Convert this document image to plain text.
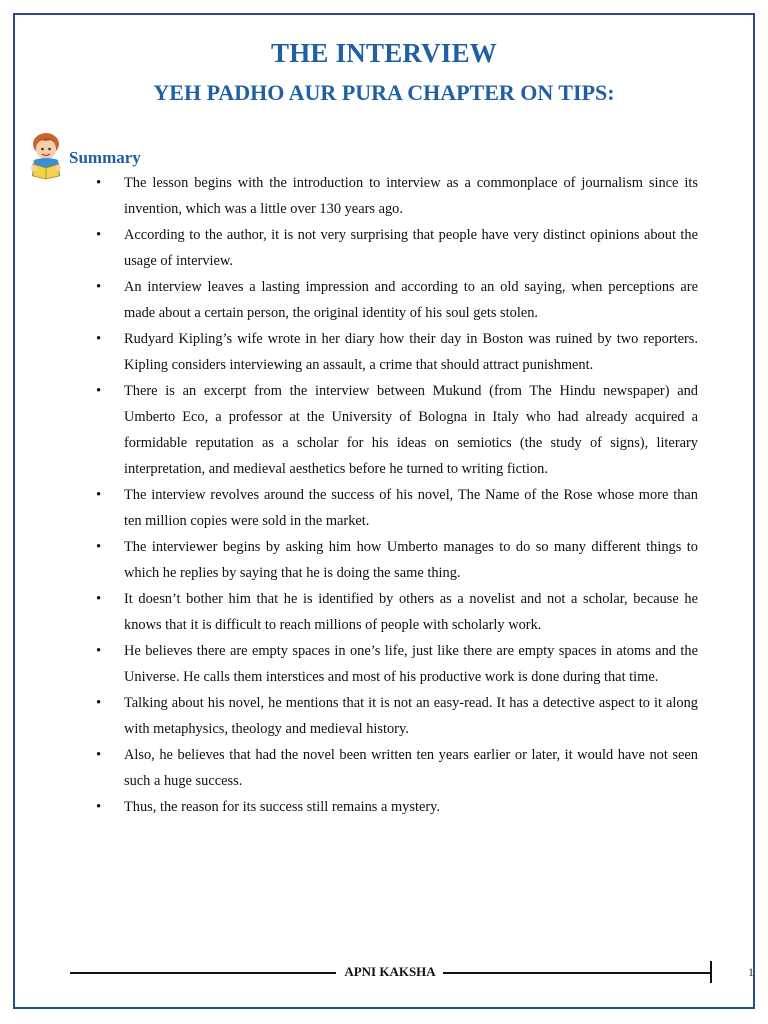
THE INTERVIEW
YEH PADHO AUR PURA CHAPTER ON TIPS:
Summary
• The lesson begins with the introduction to interview as a commonplace of journalism since its invention, which was a little over 130 years ago.
• According to the author, it is not very surprising that people have very distinct opinions about the usage of interview.
• An interview leaves a lasting impression and according to an old saying, when perceptions are made about a certain person, the original identity of his soul gets stolen.
• Rudyard Kipling’s wife wrote in her diary how their day in Boston was ruined by two reporters. Kipling considers interviewing an assault, a crime that should attract punishment.
• There is an excerpt from the interview between Mukund (from The Hindu newspaper) and Umberto Eco, a professor at the University of Bologna in Italy who had already acquired a formidable reputation as a scholar for his ideas on semiotics (the study of signs), literary interpretation, and medieval aesthetics before he turned to writing fiction.
• The interview revolves around the success of his novel, The Name of the Rose whose more than ten million copies were sold in the market.
• The interviewer begins by asking him how Umberto manages to do so many different things to which he replies by saying that he is doing the same thing.
• It doesn’t bother him that he is identified by others as a novelist and not a scholar, because he knows that it is difficult to reach millions of people with scholarly work.
• He believes there are empty spaces in one’s life, just like there are empty spaces in atoms and the Universe. He calls them interstices and most of his productive work is done during that time.
• Talking about his novel, he mentions that it is not an easy-read. It has a detective aspect to it along with metaphysics, theology and medieval history.
• Also, he believes that had the novel been written ten years earlier or later, it would have not seen such a huge success.
• Thus, the reason for its success still remains a mystery.
APNI KAKSHA	1
